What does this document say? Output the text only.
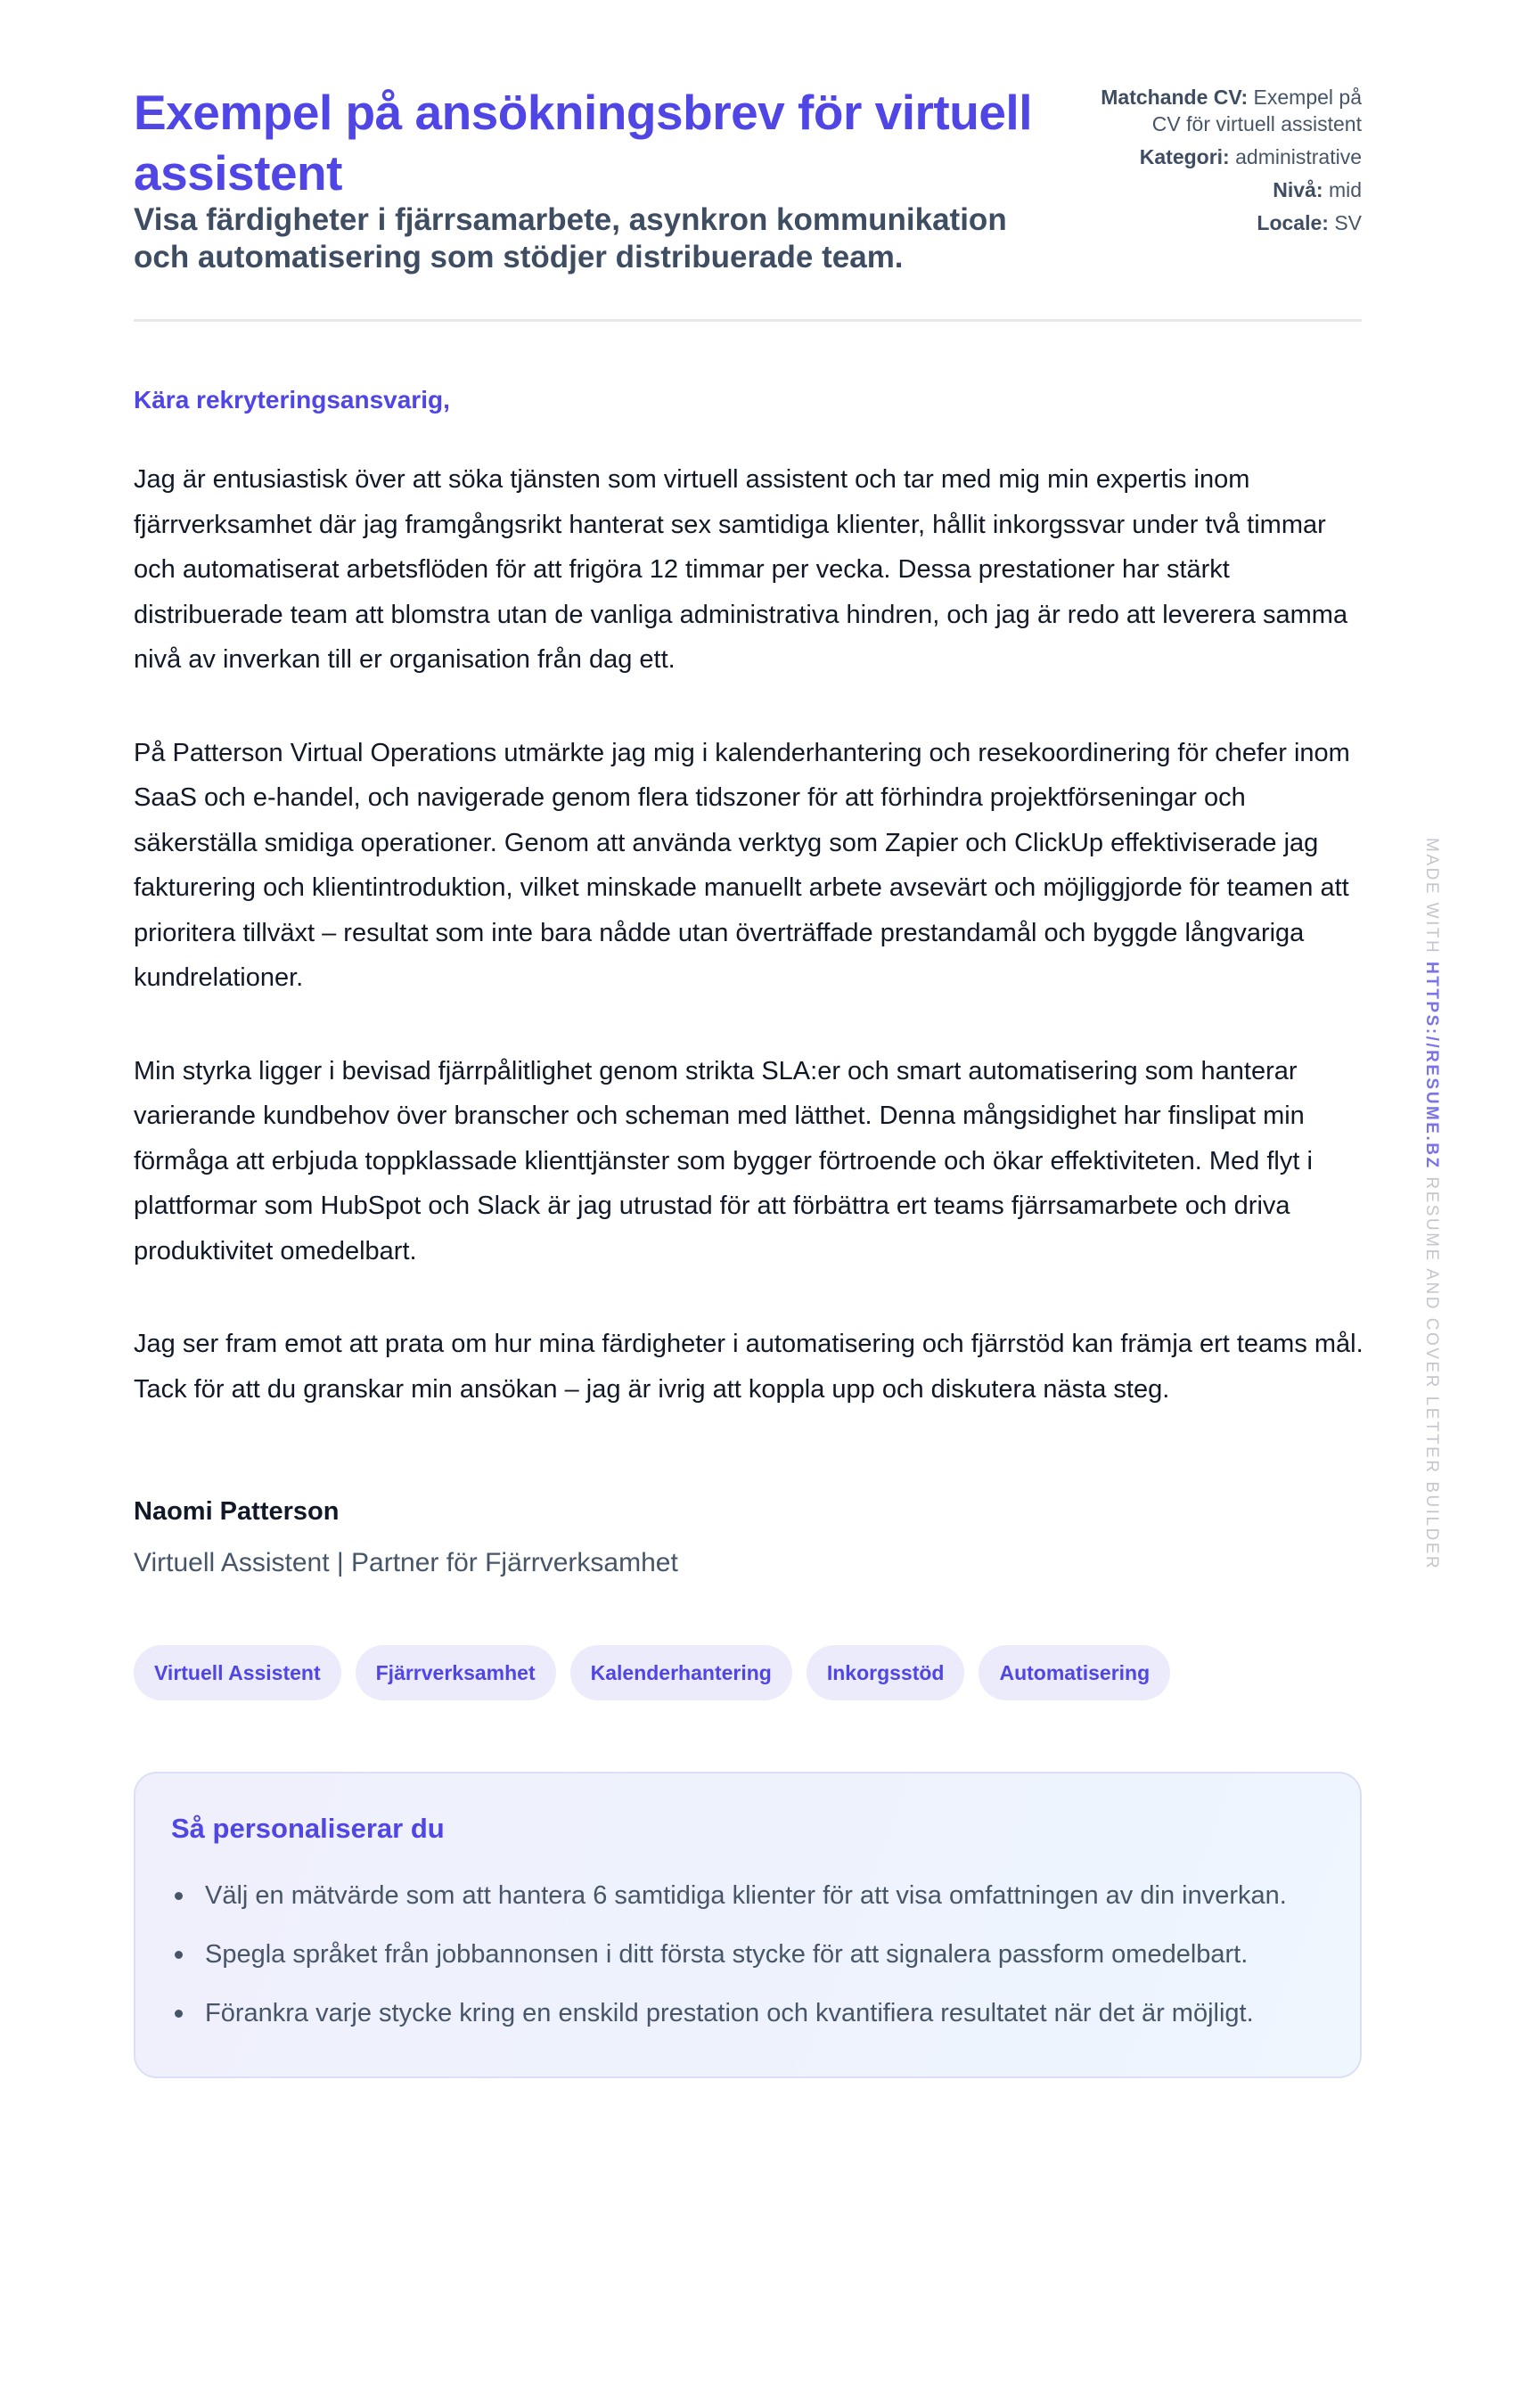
Exempel på ansökningsbrev för virtuell assistent
Visa färdigheter i fjärrsamarbete, asynkron kommunikation och automatisering som stödjer distribuerade team.
Matchande CV: Exempel på CV för virtuell assistent
Kategori: administrative
Nivå: mid
Locale: SV

Kära rekryteringsansvarig,

Jag är entusiastisk över att söka tjänsten som virtuell assistent och tar med mig min expertis inom fjärrverksamhet där jag framgångsrikt hanterat sex samtidiga klienter, hållit inkorgssvar under två timmar och automatiserat arbetsflöden för att frigöra 12 timmar per vecka. Dessa prestationer har stärkt distribuerade team att blomstra utan de vanliga administrativa hindren, och jag är redo att leverera samma nivå av inverkan till er organisation från dag ett.

På Patterson Virtual Operations utmärkte jag mig i kalenderhantering och resekoordinering för chefer inom SaaS och e-handel, och navigerade genom flera tidszoner för att förhindra projektförseningar och säkerställa smidiga operationer. Genom att använda verktyg som Zapier och ClickUp effektiviserade jag fakturering och klientintroduktion, vilket minskade manuellt arbete avsevärt och möjliggjorde för teamen att prioritera tillväxt – resultat som inte bara nådde utan överträffade prestandamål och byggde långvariga kundrelationer.

Min styrka ligger i bevisad fjärrpålitlighet genom strikta SLA:er och smart automatisering som hanterar varierande kundbehov över branscher och scheman med lätthet. Denna mångsidighet har finslipat min förmåga att erbjuda toppklassade klienttjänster som bygger förtroende och ökar effektiviteten. Med flyt i plattformar som HubSpot och Slack är jag utrustad för att förbättra ert teams fjärrsamarbete och driva produktivitet omedelbart.

Jag ser fram emot att prata om hur mina färdigheter i automatisering och fjärrstöd kan främja ert teams mål. Tack för att du granskar min ansökan – jag är ivrig att koppla upp och diskutera nästa steg.

Naomi Patterson
Virtuell Assistent | Partner för Fjärrverksamhet
Virtuell Assistent	Fjärrverksamhet	Kalenderhantering	Inkorgsstöd	Automatisering
Så personaliserar du
Välj en mätvärde som att hantera 6 samtidiga klienter för att visa omfattningen av din inverkan.
Spegla språket från jobbannonsen i ditt första stycke för att signalera passform omedelbart.
Förankra varje stycke kring en enskild prestation och kvantifiera resultatet när det är möjligt.
MADE WITH HTTPS://RESUME.BZ RESUME AND COVER LETTER BUILDER
